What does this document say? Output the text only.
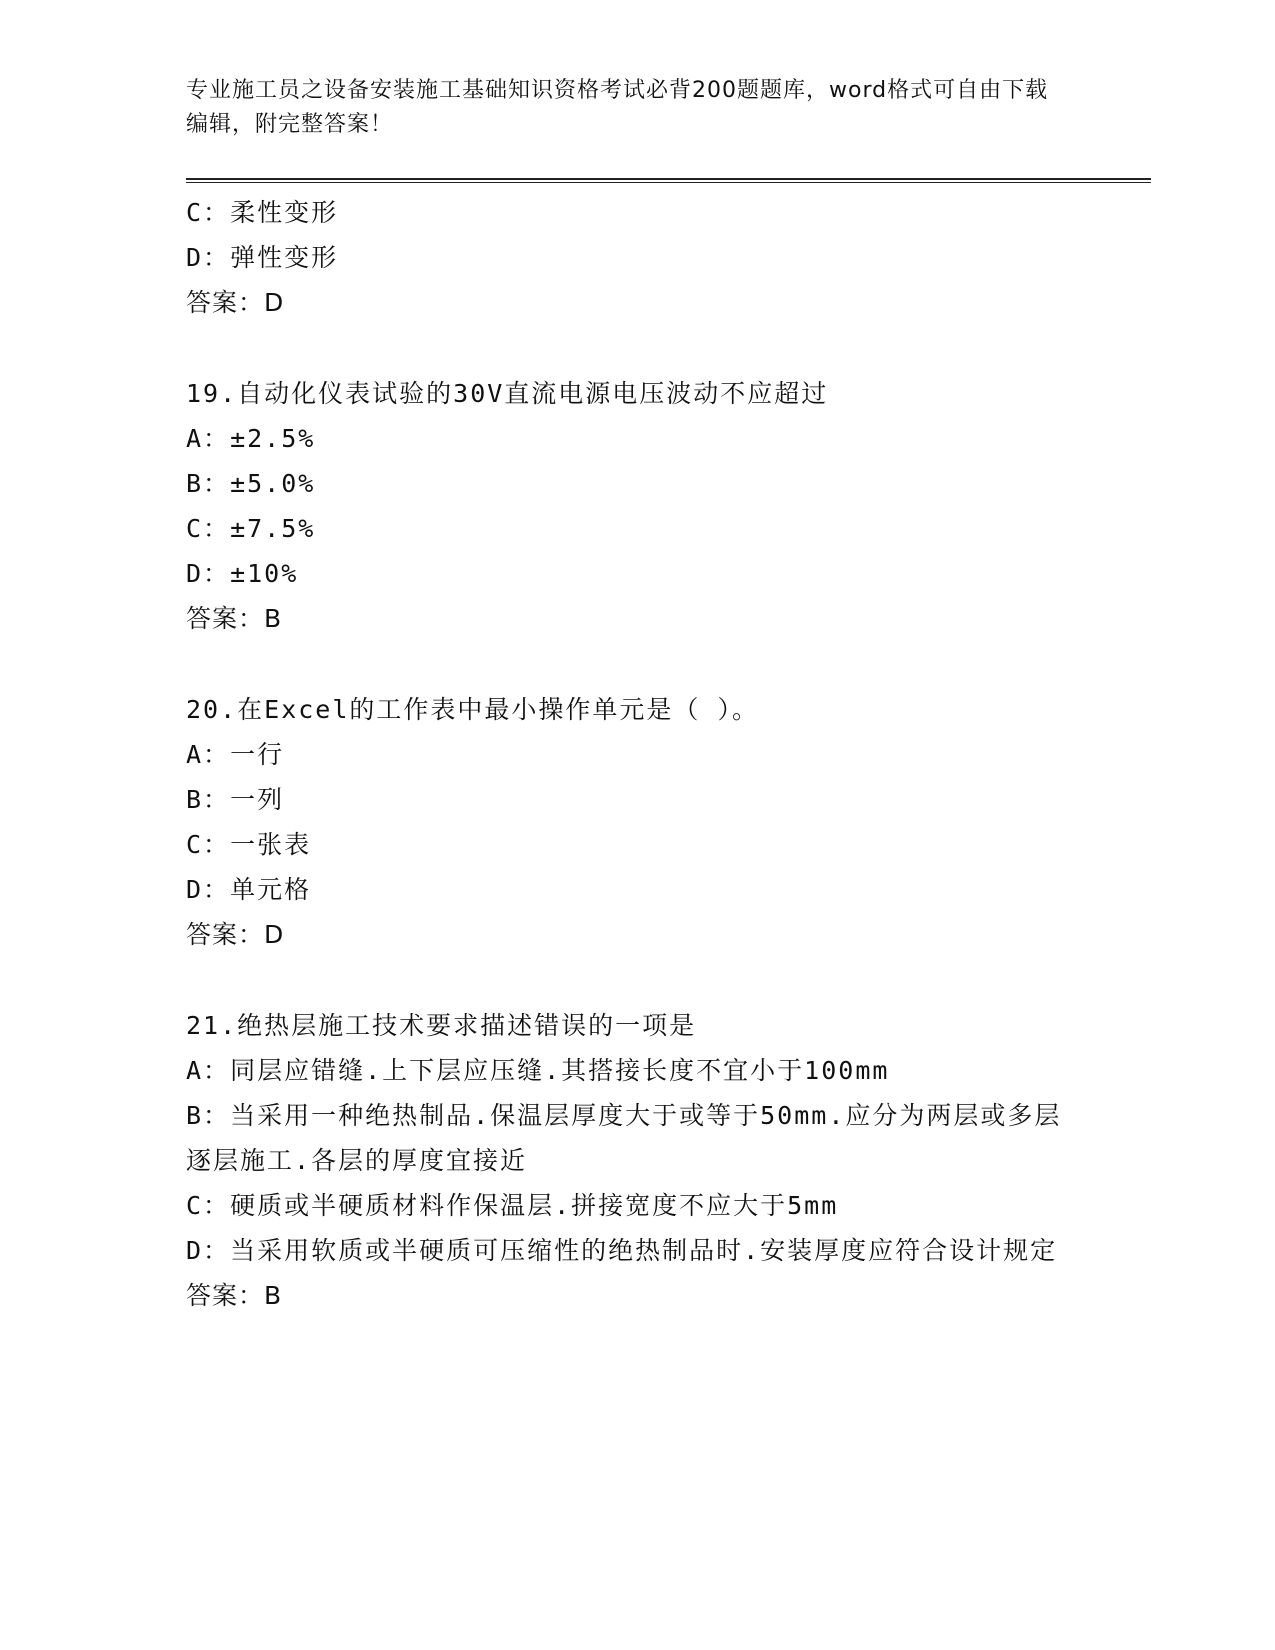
专业施工员之设备安装施工基础知识资格考试必背200题题库，word格式可自由下载编辑，附完整答案！
C：柔性变形
D：弹性变形
答案：D
19.自动化仪表试验的30V直流电源电压波动不应超过
A：±2.5%
B：±5.0%
C：±7.5%
D：±10%
答案：B
20.在Excel的工作表中最小操作单元是（ ）。
A：一行
B：一列
C：一张表
D：单元格
答案：D
21.绝热层施工技术要求描述错误的一项是
A：同层应错缝.上下层应压缝.其搭接长度不宜小于100mm
B：当采用一种绝热制品.保温层厚度大于或等于50mm.应分为两层或多层逐层施工.各层的厚度宜接近
C：硬质或半硬质材料作保温层.拼接宽度不应大于5mm
D：当采用软质或半硬质可压缩性的绝热制品时.安装厚度应符合设计规定
答案：B
